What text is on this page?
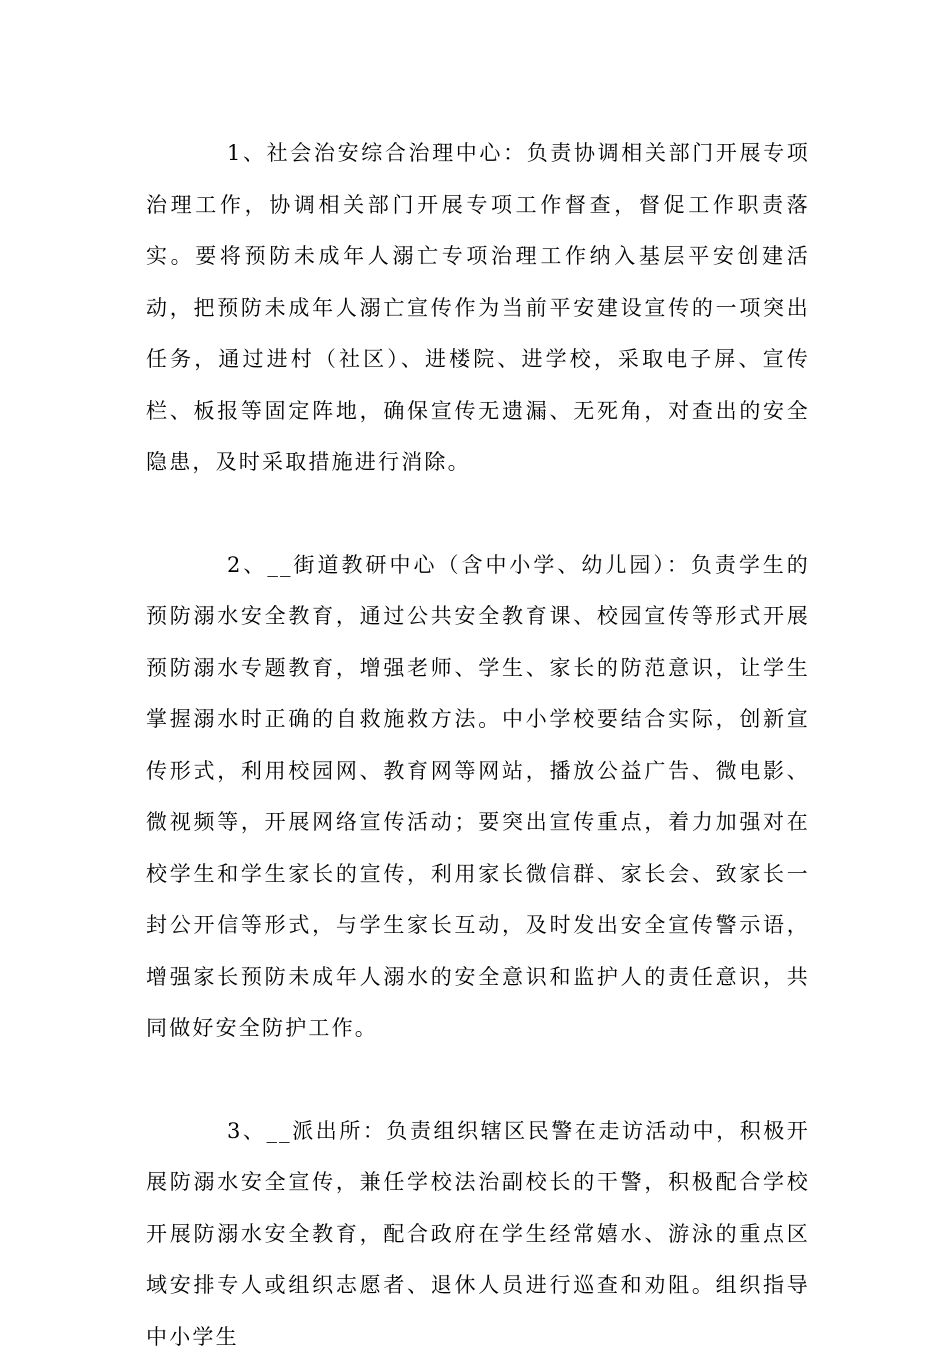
1、社会治安综合治理中心：负责协调相关部门开展专项治理工作，协调相关部门开展专项工作督查，督促工作职责落实。要将预防未成年人溺亡专项治理工作纳入基层平安创建活动，把预防未成年人溺亡宣传作为当前平安建设宣传的一项突出任务，通过进村（社区）、进楼院、进学校，采取电子屏、宣传栏、板报等固定阵地，确保宣传无遗漏、无死角，对查出的安全隐患，及时采取措施进行消除。

2、__街道教研中心（含中小学、幼儿园）：负责学生的预防溺水安全教育，通过公共安全教育课、校园宣传等形式开展预防溺水专题教育，增强老师、学生、家长的防范意识，让学生掌握溺水时正确的自救施救方法。中小学校要结合实际，创新宣传形式，利用校园网、教育网等网站，播放公益广告、微电影、微视频等，开展网络宣传活动；要突出宣传重点，着力加强对在校学生和学生家长的宣传，利用家长微信群、家长会、致家长一封公开信等形式，与学生家长互动，及时发出安全宣传警示语，增强家长预防未成年人溺水的安全意识和监护人的责任意识，共同做好安全防护工作。

3、__派出所：负责组织辖区民警在走访活动中，积极开展防溺水安全宣传，兼任学校法治副校长的干警，积极配合学校开展防溺水安全教育，配合政府在学生经常嬉水、游泳的重点区域安排专人或组织志愿者、退休人员进行巡查和劝阻。组织指导中小学生
